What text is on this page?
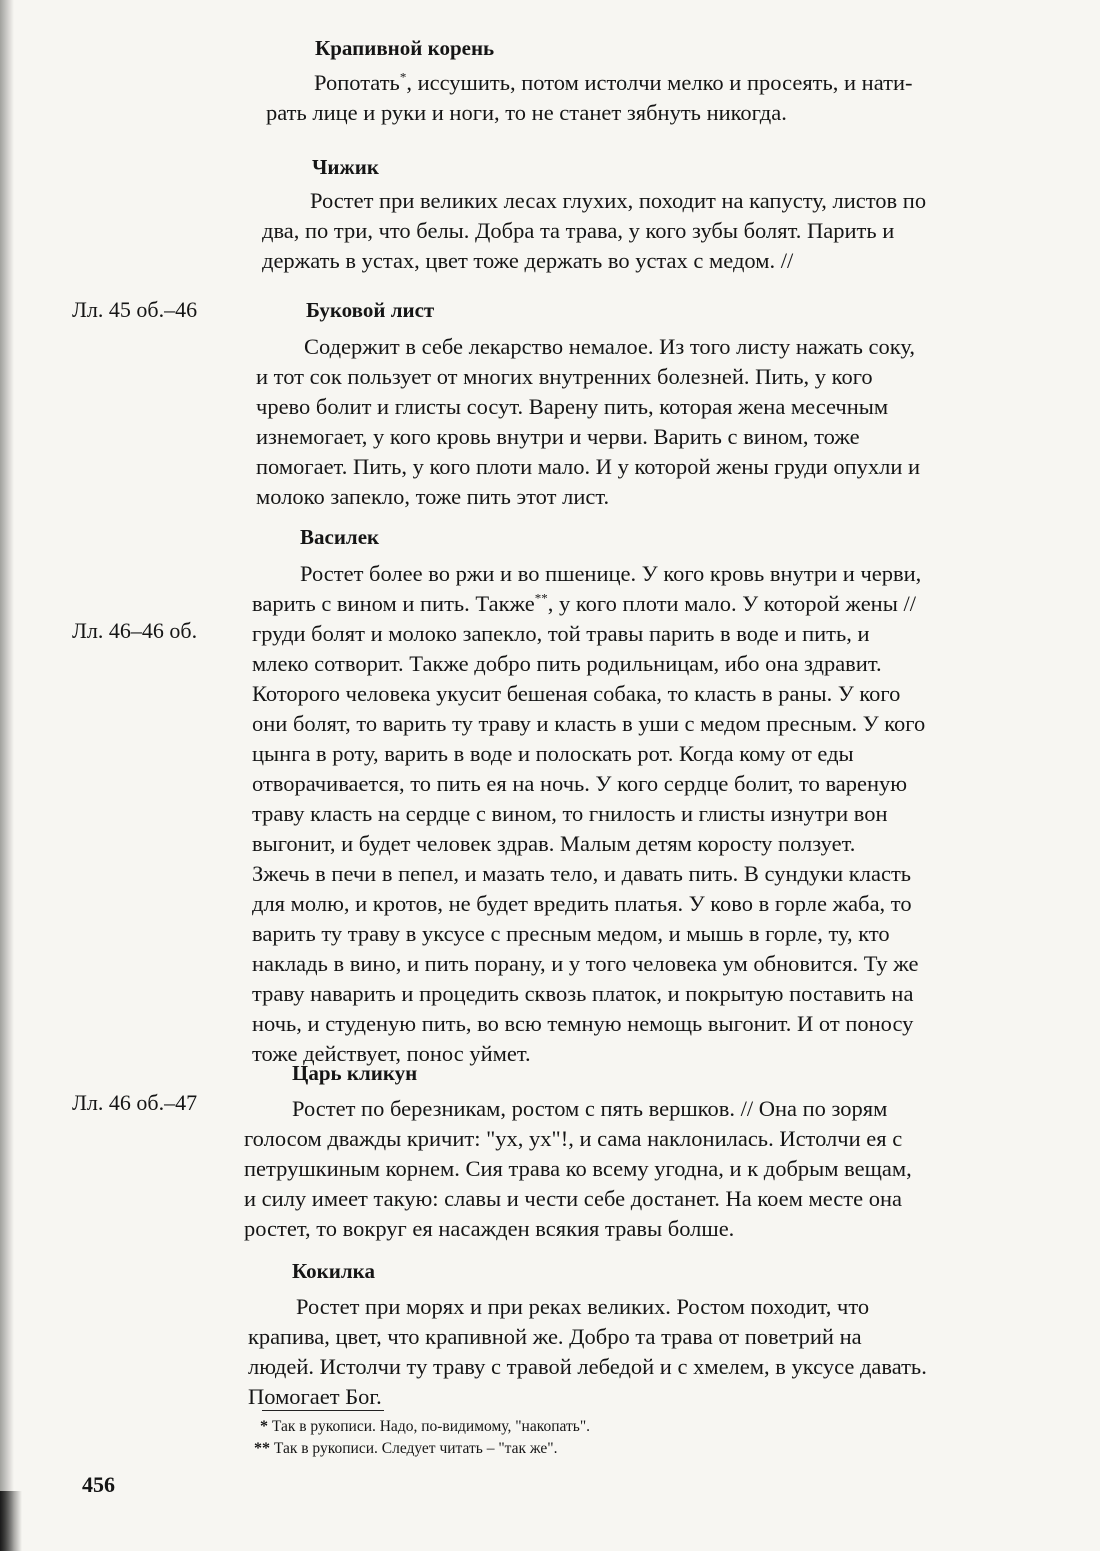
Лл. 45 об.–46
Лл. 46–46 об.
Лл. 46 об.–47
Крапивной корень
Ропотать*, иссушить, потом истолчи мелко и просеять, и нати-
рать лице и руки и ноги, то не станет зябнуть никогда.
Чижик
Ростет при великих лесах глухих, походит на капусту, листов по
два, по три, что белы. Добра та трава, у кого зубы болят. Парить и
держать в устах, цвет тоже держать во устах с медом. //
Буковой лист
Содержит в себе лекарство немалое. Из того листу нажать соку,
и тот сок пользует от многих внутренних болезней. Пить, у кого
чрево болит и глисты сосут. Варену пить, которая жена месечным
изнемогает, у кого кровь внутри и черви. Варить с вином, тоже
помогает. Пить, у кого плоти мало. И у которой жены груди опухли и
молоко запекло, тоже пить этот лист.
Василек
Ростет более во ржи и во пшенице. У кого кровь внутри и черви,
варить с вином и пить. Также**, у кого плоти мало. У которой жены //
груди болят и молоко запекло, той травы парить в воде и пить, и
млеко сотворит. Также добро пить родильницам, ибо она здравит.
Которого человека укусит бешеная собака, то класть в раны. У кого
они болят, то варить ту траву и класть в уши с медом пресным. У кого
цынга в роту, варить в воде и полоскать рот. Когда кому от еды
отворачивается, то пить ея на ночь. У кого сердце болит, то вареную
траву класть на сердце с вином, то гнилость и глисты изнутри вон
выгонит, и будет человек здрав. Малым детям коросту ползует.
Зжечь в печи в пепел, и мазать тело, и давать пить. В сундуки класть
для молю, и кротов, не будет вредить платья. У ково в горле жаба, то
варить ту траву в уксусе с пресным медом, и мышь в горле, ту, кто
накладь в вино, и пить порану, и у того человека ум обновится. Ту же
траву наварить и процедить сквозь платок, и покрытую поставить на
ночь, и студеную пить, во всю темную немощь выгонит. И от поносу
тоже действует, понос уймет.
Царь кликун
Ростет по березникам, ростом с пять вершков. // Она по зорям
голосом дважды кричит: "ух, ух"!, и сама наклонилась. Истолчи ея с
петрушкиным корнем. Сия трава ко всему угодна, и к добрым вещам,
и силу имеет такую: славы и чести себе достанет. На коем месте она
ростет, то вокруг ея насажден всякия травы болше.
Кокилка
Ростет при морях и при реках великих. Ростом походит, что
крапива, цвет, что крапивной же. Добро та трава от поветрий на
людей. Истолчи ту траву с травой лебедой и с хмелем, в уксусе давать.
Помогает Бог.
* Так в рукописи. Надо, по-видимому, "накопать".
** Так в рукописи. Следует читать – "так же".
456
